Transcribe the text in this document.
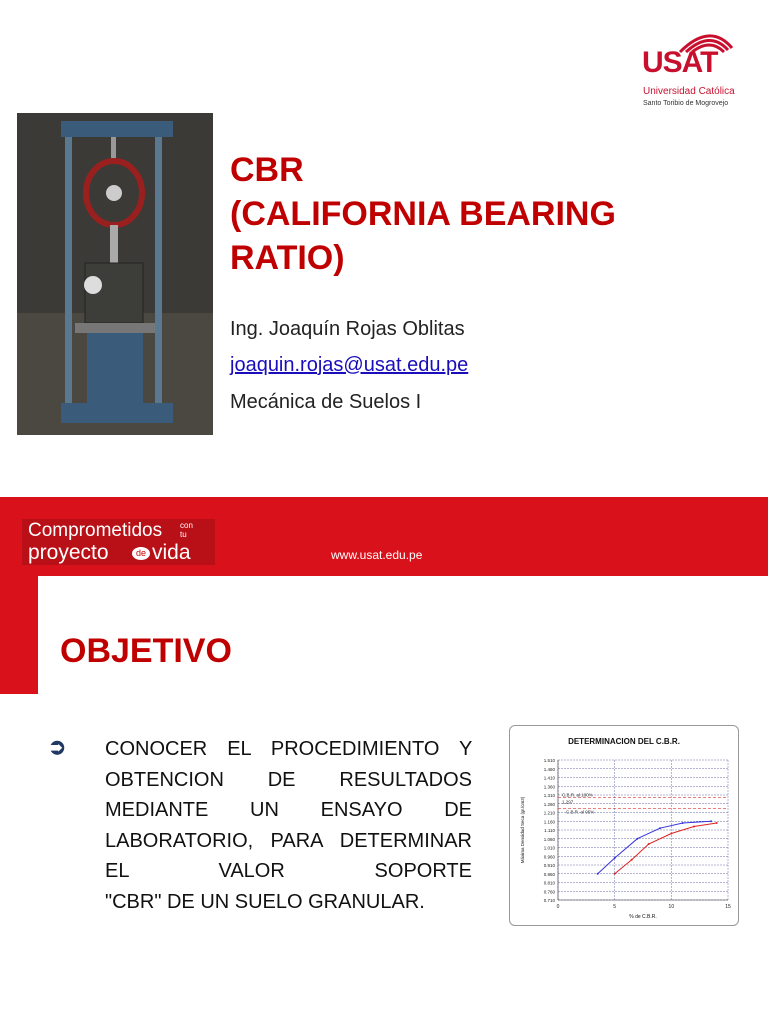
USAT
Universidad Católica
Santo Toribio de Mogrovejo
CBR
(CALIFORNIA BEARING
RATIO)
Ing. Joaquín Rojas Oblitas
joaquin.rojas@usat.edu.pe
Mecánica de Suelos I
Comprometidos con
tu
proyecto	de vida	www.usat.edu.pe
OBJETIVO
➲ CONOCER EL PROCEDIMIENTO Y OBTENCION DE RESULTADOS MEDIANTE UN ENSAYO DE LABORATORIO, PARA DETERMINAR EL VALOR SOPORTE
"CBR" DE UN SUELO GRANULAR.
DETERMINACION DEL C.B.R.
1.510
1.460
1.410
1.360
1.310
1.260
1.210
1.160
1.110
1.060
1.010
0.960
0.910
0.860
0.810
0.760
0.710
0	5	10	15
C.B.R. al 100%
1.297
C.B.R. al 95%
% de C.B.R.
Máxima Densidad Seca (gr./cm3)
